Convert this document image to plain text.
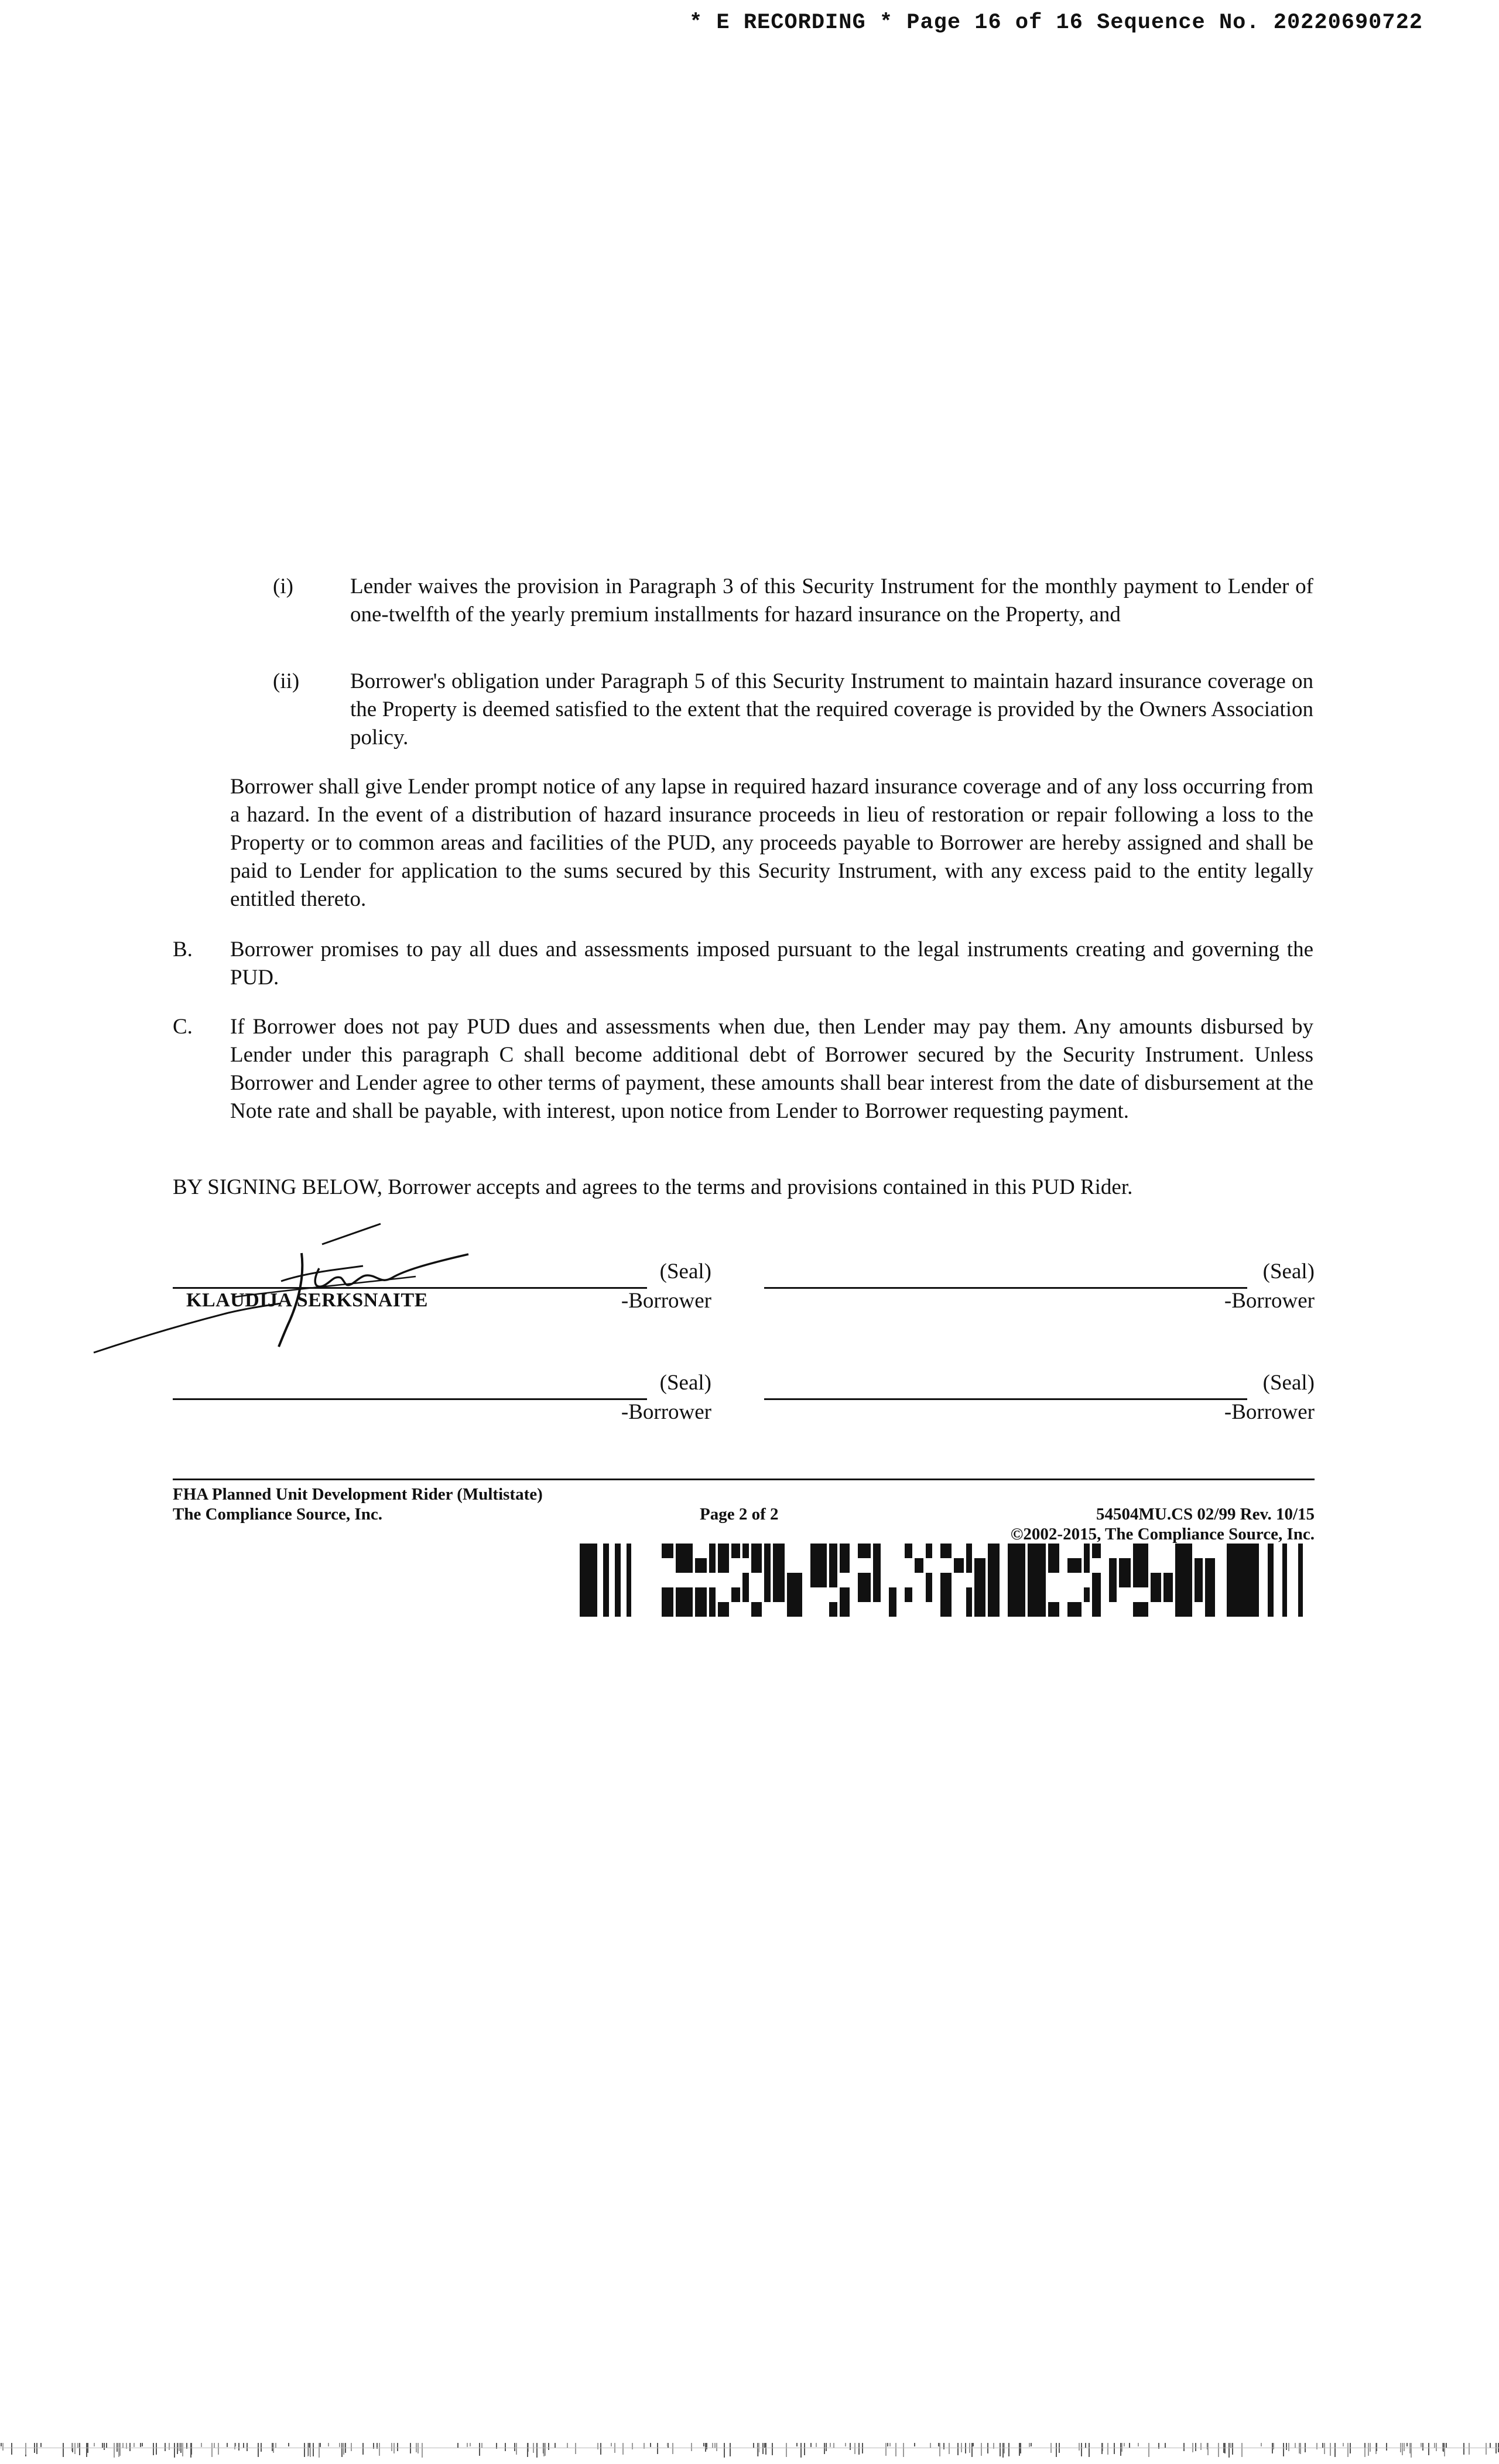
* E RECORDING * Page 16 of 16 Sequence No. 20220690722
(i)	Lender waives the provision in Paragraph 3 of this Security Instrument for the monthly payment to Lender of one-twelfth of the yearly premium installments for hazard insurance on the Property, and
(ii) Borrower's obligation under Paragraph 5 of this Security Instrument to maintain hazard insurance coverage on the Property is deemed satisfied to the extent that the required coverage is provided by the Owners Association policy.
Borrower shall give Lender prompt notice of any lapse in required hazard insurance coverage and of any loss occurring from a hazard. In the event of a distribution of hazard insurance proceeds in lieu of restoration or repair following a loss to the Property or to common areas and facilities of the PUD, any proceeds payable to Borrower are hereby assigned and shall be paid to Lender for application to the sums secured by this Security Instrument, with any excess paid to the entity legally entitled thereto.
B. Borrower promises to pay all dues and assessments imposed pursuant to the legal instruments creating and governing the PUD.
C. If Borrower does not pay PUD dues and assessments when due, then Lender may pay them. Any amounts disbursed by Lender under this paragraph C shall become additional debt of Borrower secured by the Security Instrument. Unless Borrower and Lender agree to other terms of payment, these amounts shall bear interest from the date of disbursement at the Note rate and shall be payable, with interest, upon notice from Lender to Borrower requesting payment.
BY SIGNING BELOW, Borrower accepts and agrees to the terms and provisions contained in this PUD Rider.
(Seal)
-Borrower
KLAUDIJA SERKSNAITE
(Seal)
-Borrower
(Seal)
-Borrower
(Seal)
-Borrower
FHA Planned Unit Development Rider (Multistate)
The Compliance Source, Inc.	Page 2 of 2	54504MU.CS 02/99 Rev. 10/15
©2002-2015, The Compliance Source, Inc.
